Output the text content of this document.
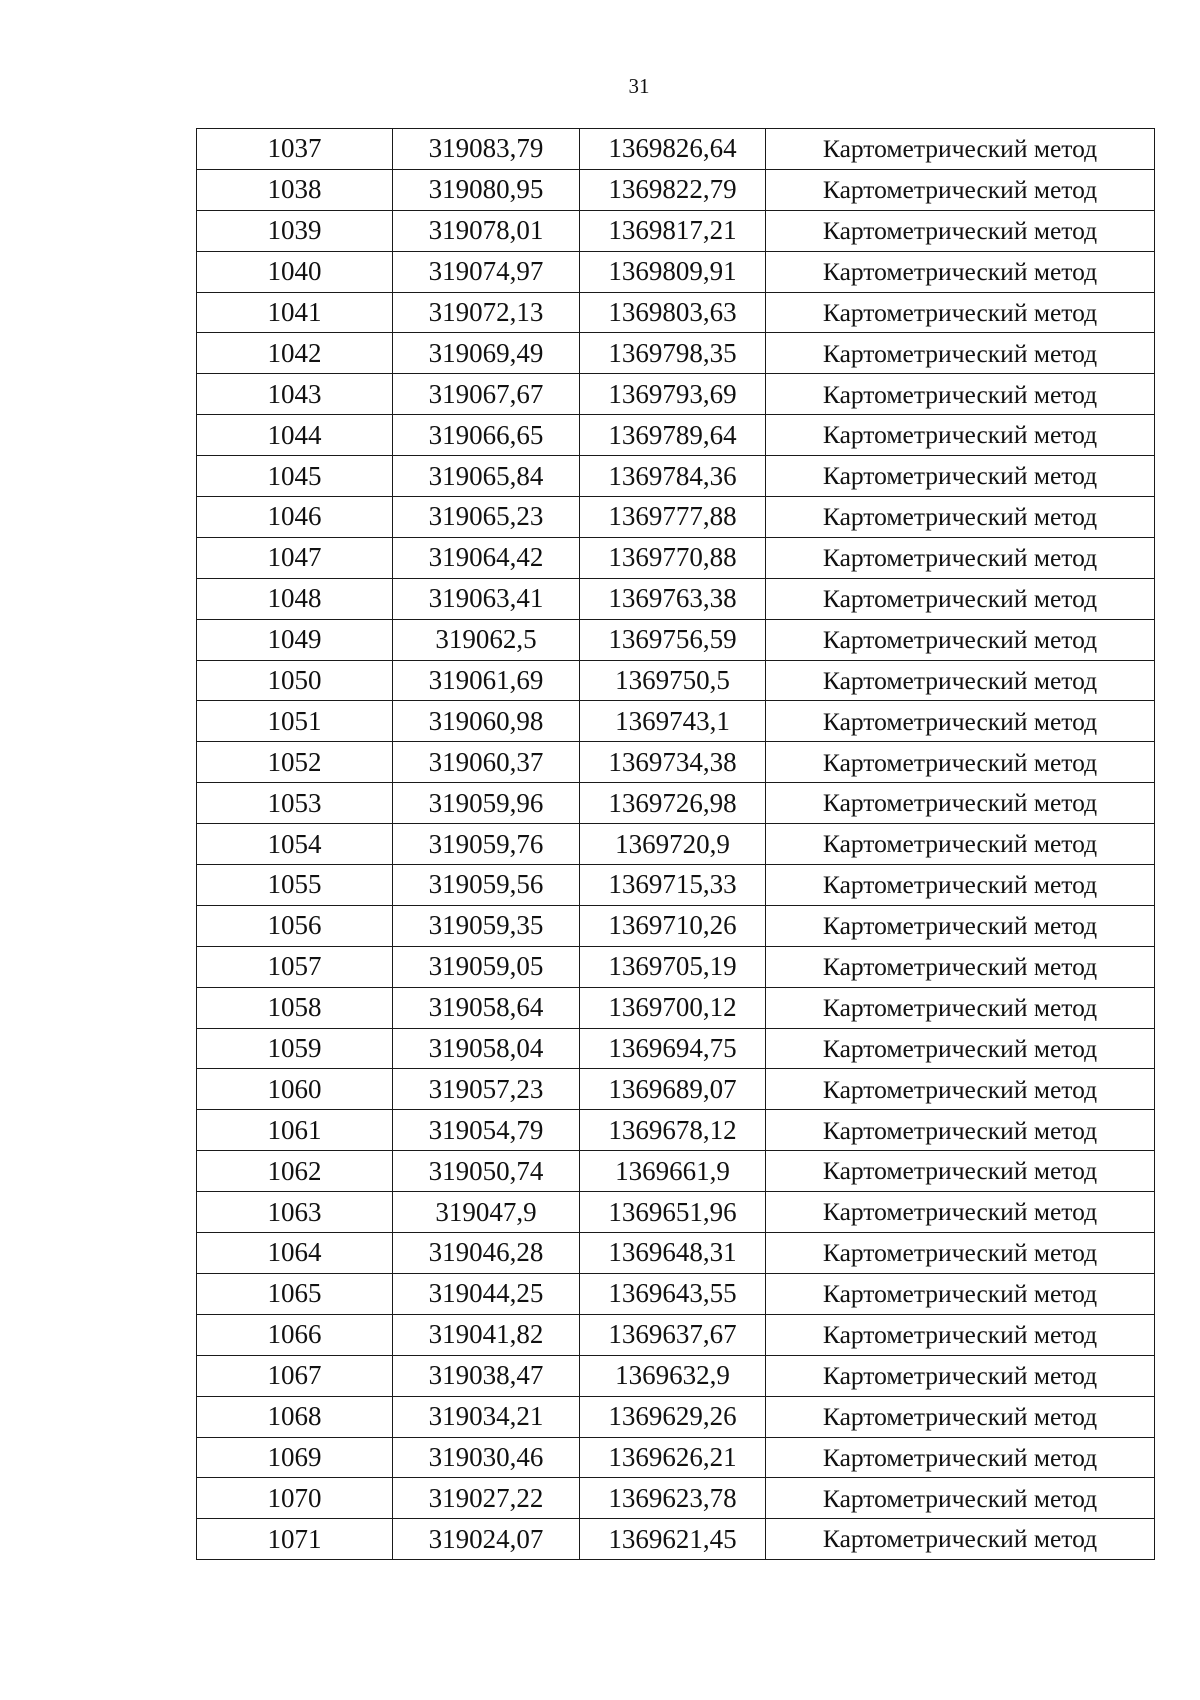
31
1037	319083,79	1369826,64	Картометрический метод
1038	319080,95	1369822,79	Картометрический метод
1039	319078,01	1369817,21	Картометрический метод
1040	319074,97	1369809,91	Картометрический метод
1041	319072,13	1369803,63	Картометрический метод
1042	319069,49	1369798,35	Картометрический метод
1043	319067,67	1369793,69	Картометрический метод
1044	319066,65	1369789,64	Картометрический метод
1045	319065,84	1369784,36	Картометрический метод
1046	319065,23	1369777,88	Картометрический метод
1047	319064,42	1369770,88	Картометрический метод
1048	319063,41	1369763,38	Картометрический метод
1049	319062,5	1369756,59	Картометрический метод
1050	319061,69	1369750,5	Картометрический метод
1051	319060,98	1369743,1	Картометрический метод
1052	319060,37	1369734,38	Картометрический метод
1053	319059,96	1369726,98	Картометрический метод
1054	319059,76	1369720,9	Картометрический метод
1055	319059,56	1369715,33	Картометрический метод
1056	319059,35	1369710,26	Картометрический метод
1057	319059,05	1369705,19	Картометрический метод
1058	319058,64	1369700,12	Картометрический метод
1059	319058,04	1369694,75	Картометрический метод
1060	319057,23	1369689,07	Картометрический метод
1061	319054,79	1369678,12	Картометрический метод
1062	319050,74	1369661,9	Картометрический метод
1063	319047,9	1369651,96	Картометрический метод
1064	319046,28	1369648,31	Картометрический метод
1065	319044,25	1369643,55	Картометрический метод
1066	319041,82	1369637,67	Картометрический метод
1067	319038,47	1369632,9	Картометрический метод
1068	319034,21	1369629,26	Картометрический метод
1069	319030,46	1369626,21	Картометрический метод
1070	319027,22	1369623,78	Картометрический метод
1071	319024,07	1369621,45	Картометрический метод
